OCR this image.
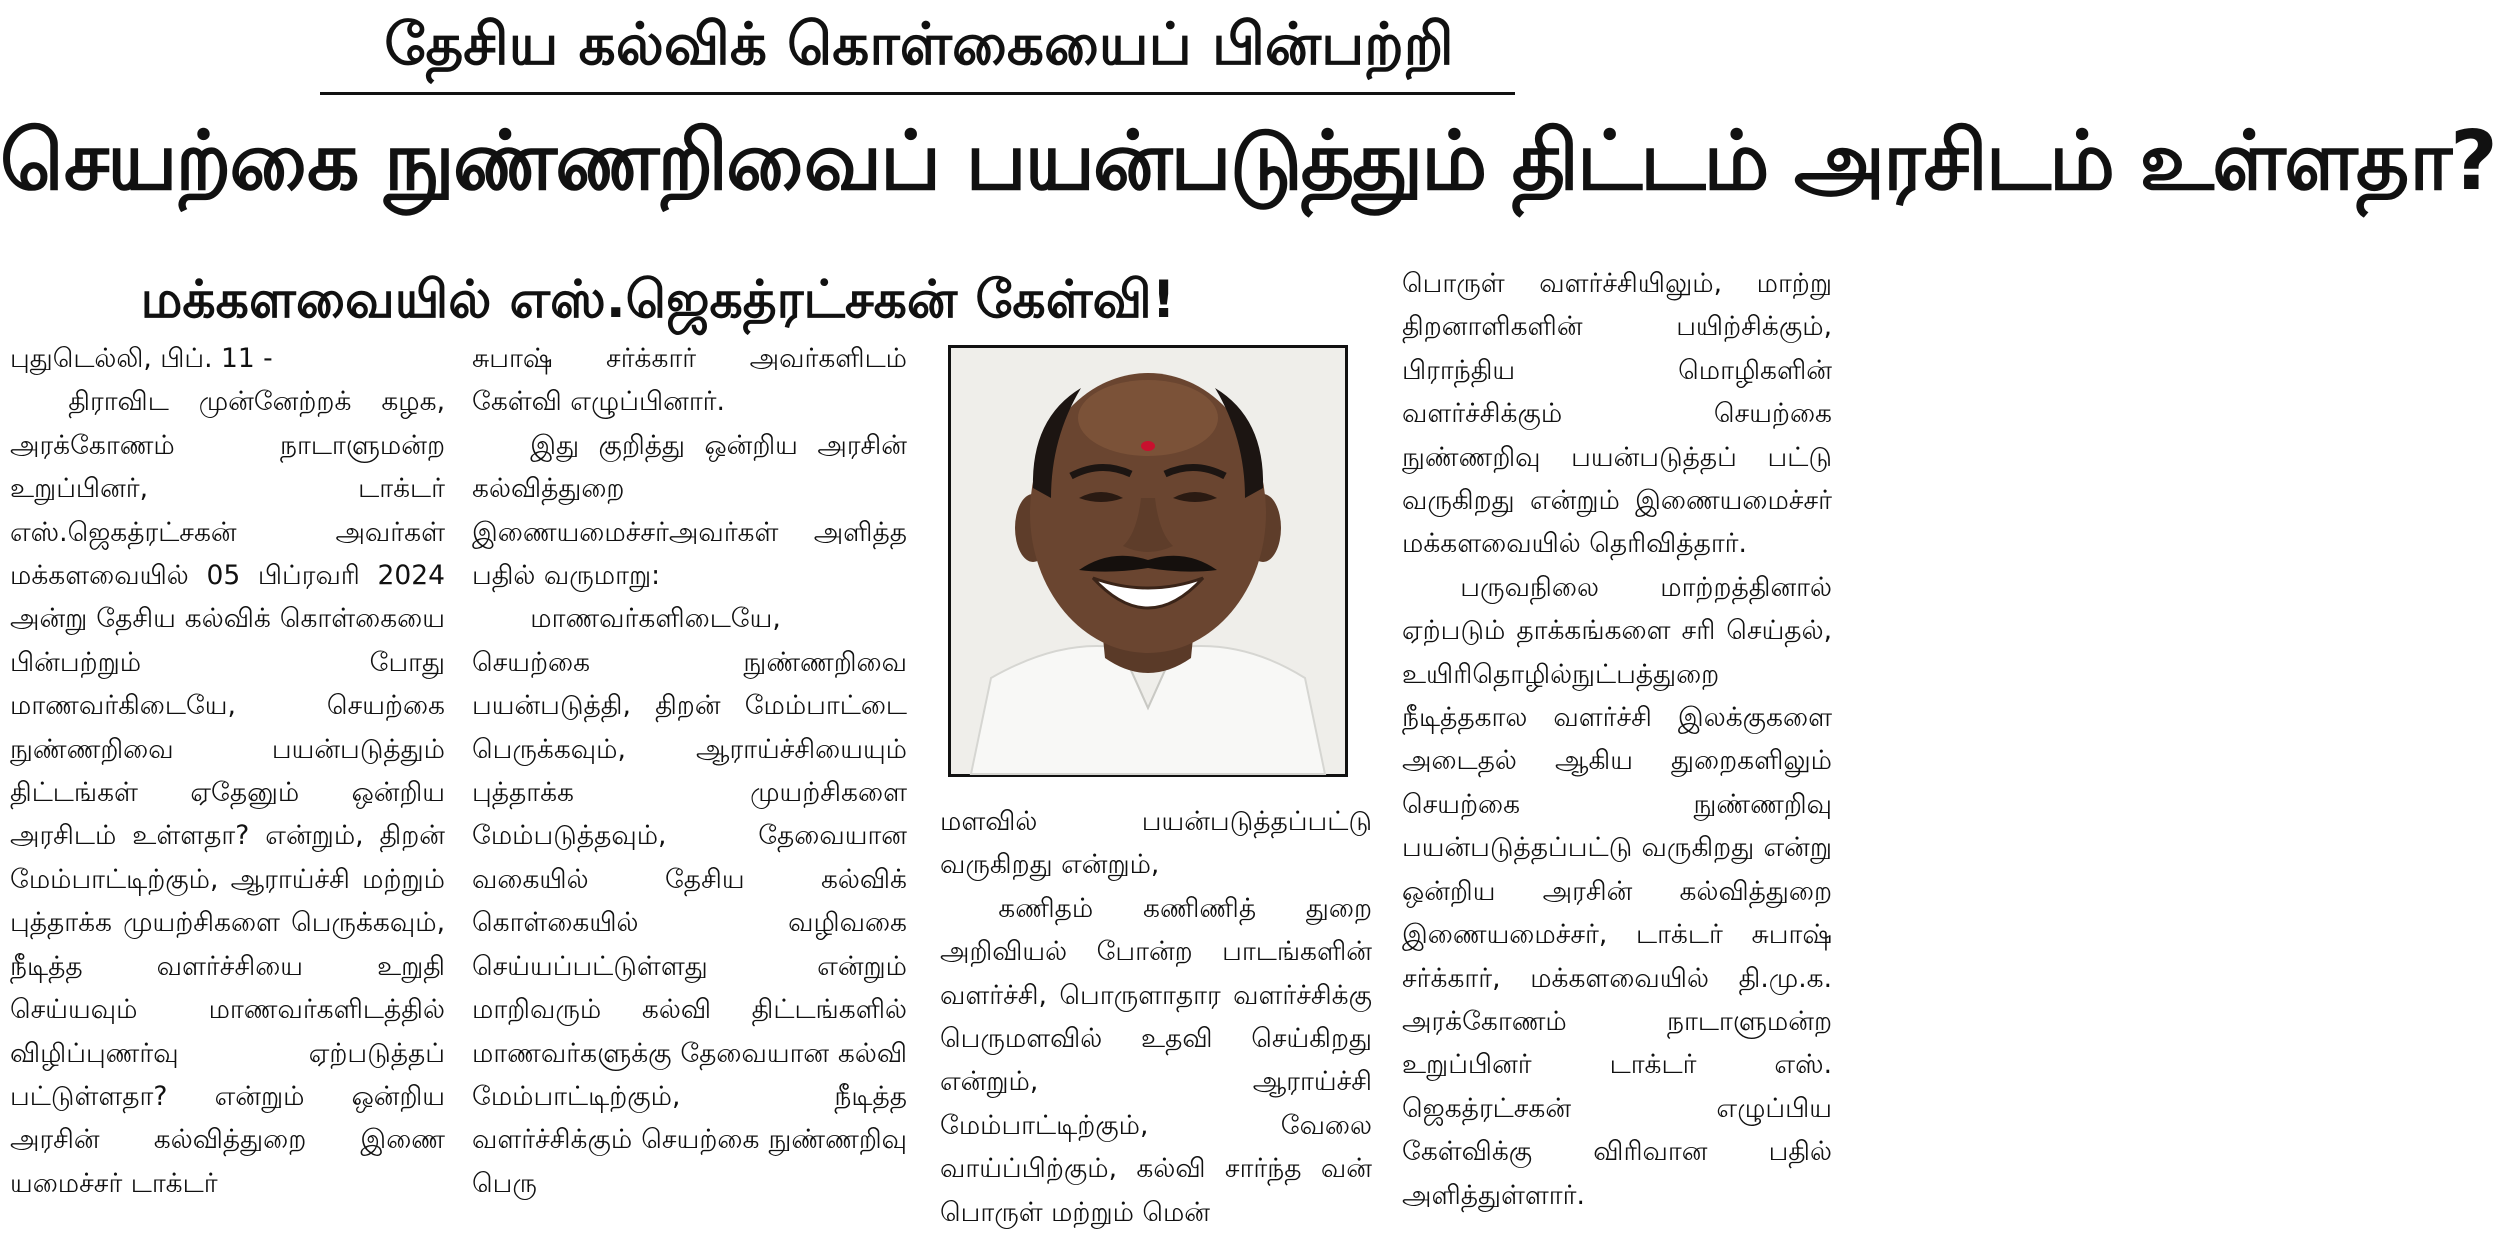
தேசிய கல்விக் கொள்கையைப் பின்பற்றி
செயற்கை நுண்ணறிவைப் பயன்படுத்தும் திட்டம் அரசிடம் உள்ளதா?
மக்களவையில் எஸ்.ஜெகத்ரட்சகன் கேள்வி!

புதுடெல்லி, பிப். 11 -

திராவிட முன்னேற்றக் கழக, அரக்கோணம் நாடாளுமன்ற உறுப்பினர், டாக்டர் எஸ்.ஜெகத்ரட்சகன் அவர்கள் மக்களவையில் 05 பிப்ரவரி 2024 அன்று தேசிய கல்விக் கொள்கையை பின்பற்றும் போது மாணவர்கிடையே, செயற்கை நுண்ணறிவை பயன்படுத்தும் திட்டங்கள் ஏதேனும் ஒன்றிய அரசிடம் உள்ளதா? என்றும், திறன் மேம்பாட்டிற்கும், ஆராய்ச்சி மற்றும் புத்தாக்க முயற்சிகளை பெருக்கவும், நீடித்த வளர்ச்சியை உறுதி செய்யவும் மாணவர்களிடத்தில் விழிப்புணர்வு ஏற்படுத்தப் பட்டுள்ளதா? என்றும் ஒன்றிய அரசின் கல்வித்துறை இணை யமைச்சர் டாக்டர்

சுபாஷ் சர்க்கார் அவர்களிடம் கேள்வி எழுப்பினார்.

இது குறித்து ஒன்றிய அரசின் கல்வித்துறை இணையமைச்சர்அவர்கள் அளித்த பதில் வருமாறு:

மாணவர்களிடையே, செயற்கை நுண்ணறிவை பயன்படுத்தி, திறன் மேம்பாட்டை பெருக்கவும், ஆராய்ச்சியையும் புத்தாக்க முயற்சிகளை மேம்படுத்தவும், தேவையான வகையில் தேசிய கல்விக் கொள்கையில் வழிவகை செய்யப்பட்டுள்ளது என்றும் மாறிவரும் கல்வி திட்டங்களில் மாணவர்களுக்கு தேவையான கல்வி மேம்பாட்டிற்கும், நீடித்த வளர்ச்சிக்கும் செயற்கை நுண்ணறிவு பெரு

மளவில் பயன்படுத்தப்பட்டு வருகிறது என்றும்,

கணிதம் கணிணித் துறை அறிவியல் போன்ற பாடங்களின் வளர்ச்சி, பொருளாதார வளர்ச்சிக்கு பெருமளவில் உதவி செய்கிறது என்றும், ஆராய்ச்சி மேம்பாட்டிற்கும், வேலை வாய்ப்பிற்கும், கல்வி சார்ந்த வன் பொருள் மற்றும் மென்

பொருள் வளர்ச்சியிலும், மாற்று திறனாளிகளின் பயிற்சிக்கும், பிராந்திய மொழிகளின் வளர்ச்சிக்கும் செயற்கை நுண்ணறிவு பயன்படுத்தப் பட்டு வருகிறது என்றும் இணையமைச்சர் மக்களவையில் தெரிவித்தார்.

பருவநிலை மாற்றத்தினால் ஏற்படும் தாக்கங்களை சரி செய்தல், உயிரிதொழில்நுட்பத்துறை நீடித்தகால வளர்ச்சி இலக்குகளை அடைதல் ஆகிய துறைகளிலும் செயற்கை நுண்ணறிவு பயன்படுத்தப்பட்டு வருகிறது என்று ஒன்றிய அரசின் கல்வித்துறை இணையமைச்சர், டாக்டர் சுபாஷ் சர்க்கார், மக்களவையில் தி.மு.க. அரக்கோணம் நாடாளுமன்ற உறுப்பினர் டாக்டர் எஸ். ஜெகத்ரட்சகன் எழுப்பிய கேள்விக்கு விரிவான பதில் அளித்துள்ளார்.
